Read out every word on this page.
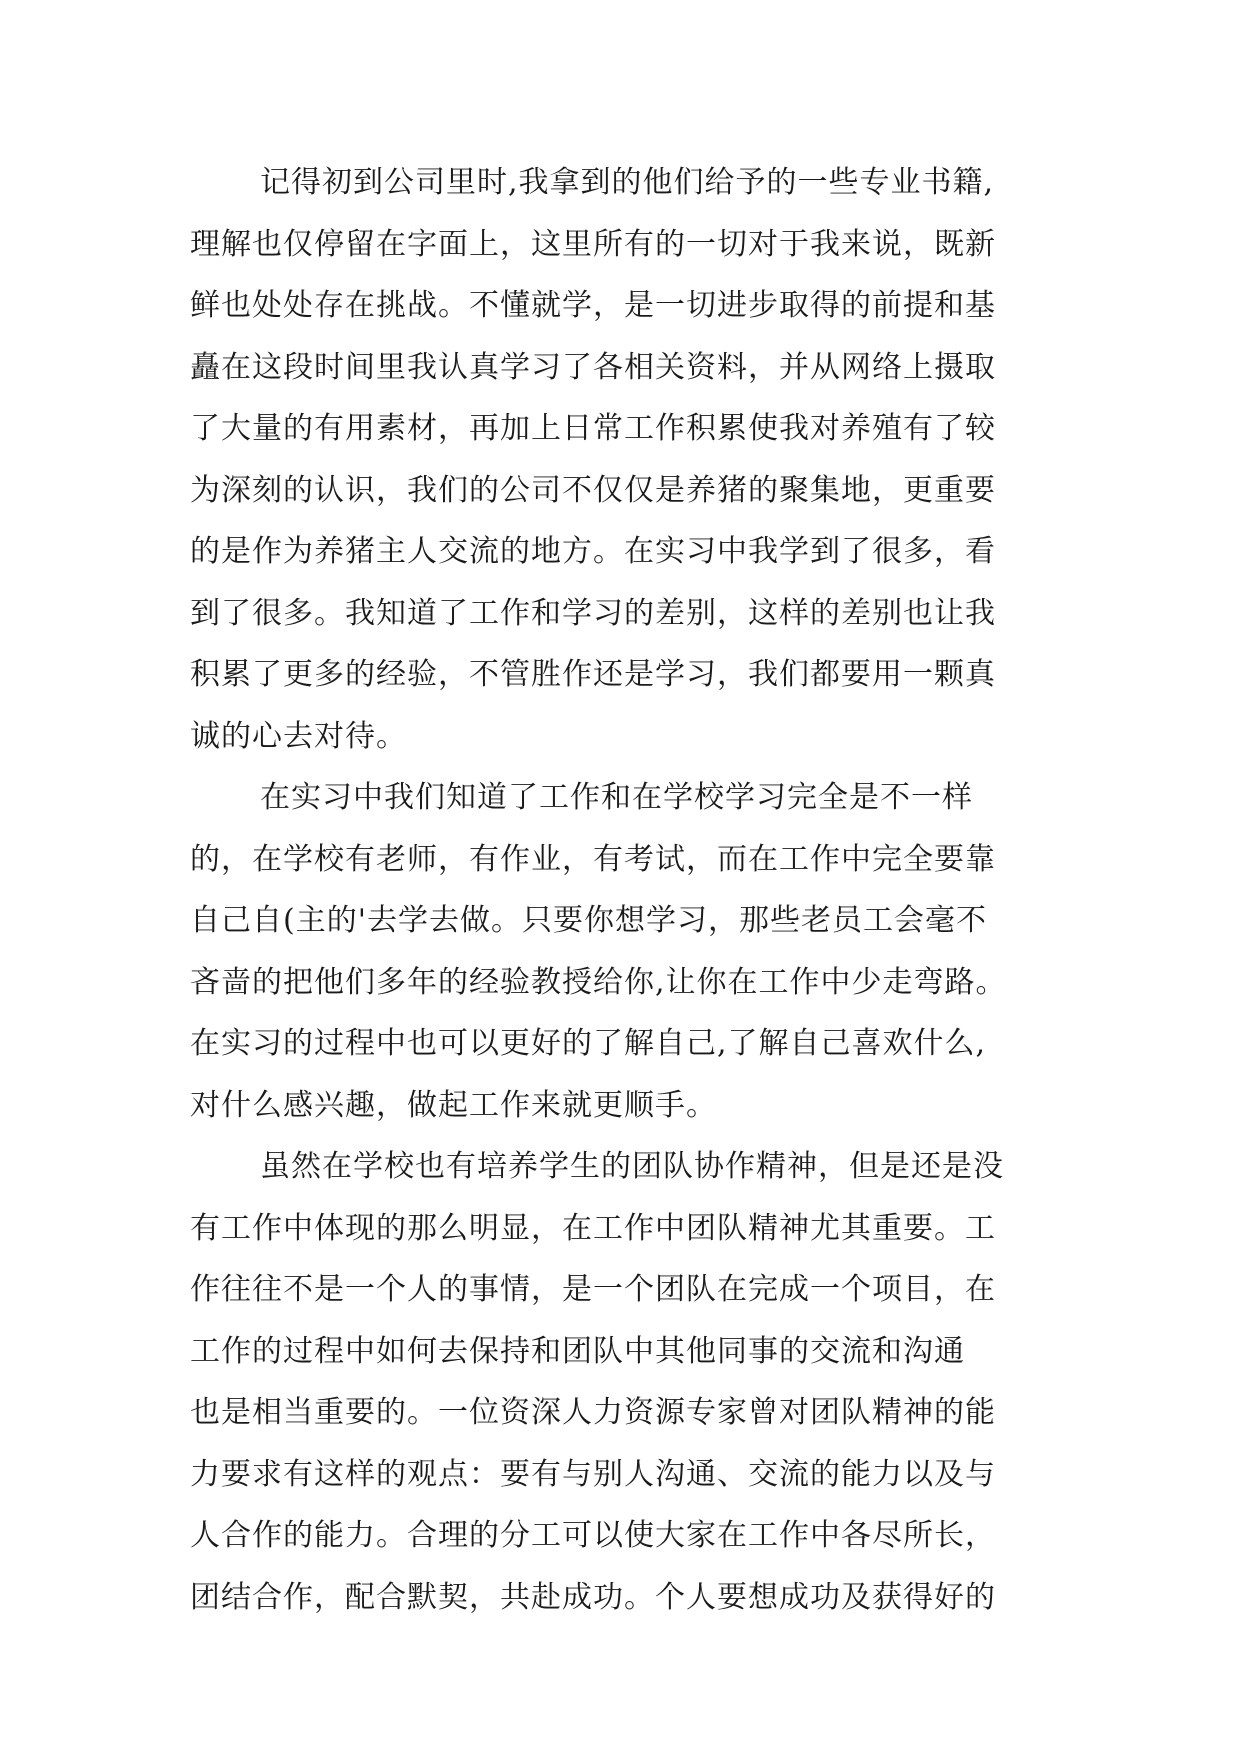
记得初到公司里时,我拿到的他们给予的一些专业书籍,
理解也仅停留在字面上，这里所有的一切对于我来说，既新
鲜也处处存在挑战。不懂就学，是一切进步取得的前提和基
矗在这段时间里我认真学习了各相关资料，并从网络上摄取
了大量的有用素材，再加上日常工作积累使我对养殖有了较
为深刻的认识，我们的公司不仅仅是养猪的聚集地，更重要
的是作为养猪主人交流的地方。在实习中我学到了很多，看
到了很多。我知道了工作和学习的差别，这样的差别也让我
积累了更多的经验，不管胜作还是学习，我们都要用一颗真
诚的心去对待。
在实习中我们知道了工作和在学校学习完全是不一样
的，在学校有老师，有作业，有考试，而在工作中完全要靠
自己自(主的'去学去做。只要你想学习，那些老员工会毫不
吝啬的把他们多年的经验教授给你,让你在工作中少走弯路。
在实习的过程中也可以更好的了解自己,了解自己喜欢什么,
对什么感兴趣，做起工作来就更顺手。
虽然在学校也有培养学生的团队协作精神，但是还是没
有工作中体现的那么明显，在工作中团队精神尤其重要。工
作往往不是一个人的事情，是一个团队在完成一个项目，在
工作的过程中如何去保持和团队中其他同事的交流和沟通
也是相当重要的。一位资深人力资源专家曾对团队精神的能
力要求有这样的观点：要有与别人沟通、交流的能力以及与
人合作的能力。合理的分工可以使大家在工作中各尽所长，
团结合作，配合默契，共赴成功。个人要想成功及获得好的
